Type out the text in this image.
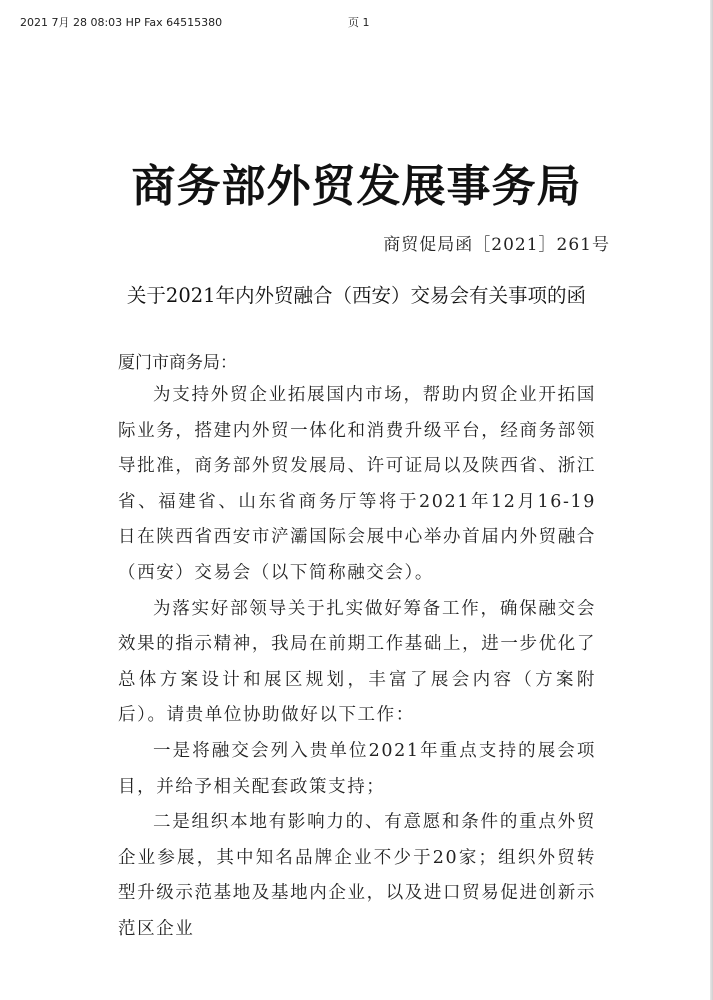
2021 7月 28 08:03 HP Fax 64515380	页 1
商务部外贸发展事务局
商贸促局函［2021］261号
关于2021年内外贸融合（西安）交易会有关事项的函
厦门市商务局：

为支持外贸企业拓展国内市场，帮助内贸企业开拓国际业务，搭建内外贸一体化和消费升级平台，经商务部领导批准，商务部外贸发展局、许可证局以及陕西省、浙江省、福建省、山东省商务厅等将于2021年12月16-19日在陕西省西安市浐灞国际会展中心举办首届内外贸融合（西安）交易会（以下简称融交会）。

为落实好部领导关于扎实做好筹备工作，确保融交会效果的指示精神，我局在前期工作基础上，进一步优化了总体方案设计和展区规划，丰富了展会内容（方案附后）。请贵单位协助做好以下工作：

一是将融交会列入贵单位2021年重点支持的展会项目，并给予相关配套政策支持；

二是组织本地有影响力的、有意愿和条件的重点外贸企业参展，其中知名品牌企业不少于20家；组织外贸转型升级示范基地及基地内企业，以及进口贸易促进创新示范区企业
